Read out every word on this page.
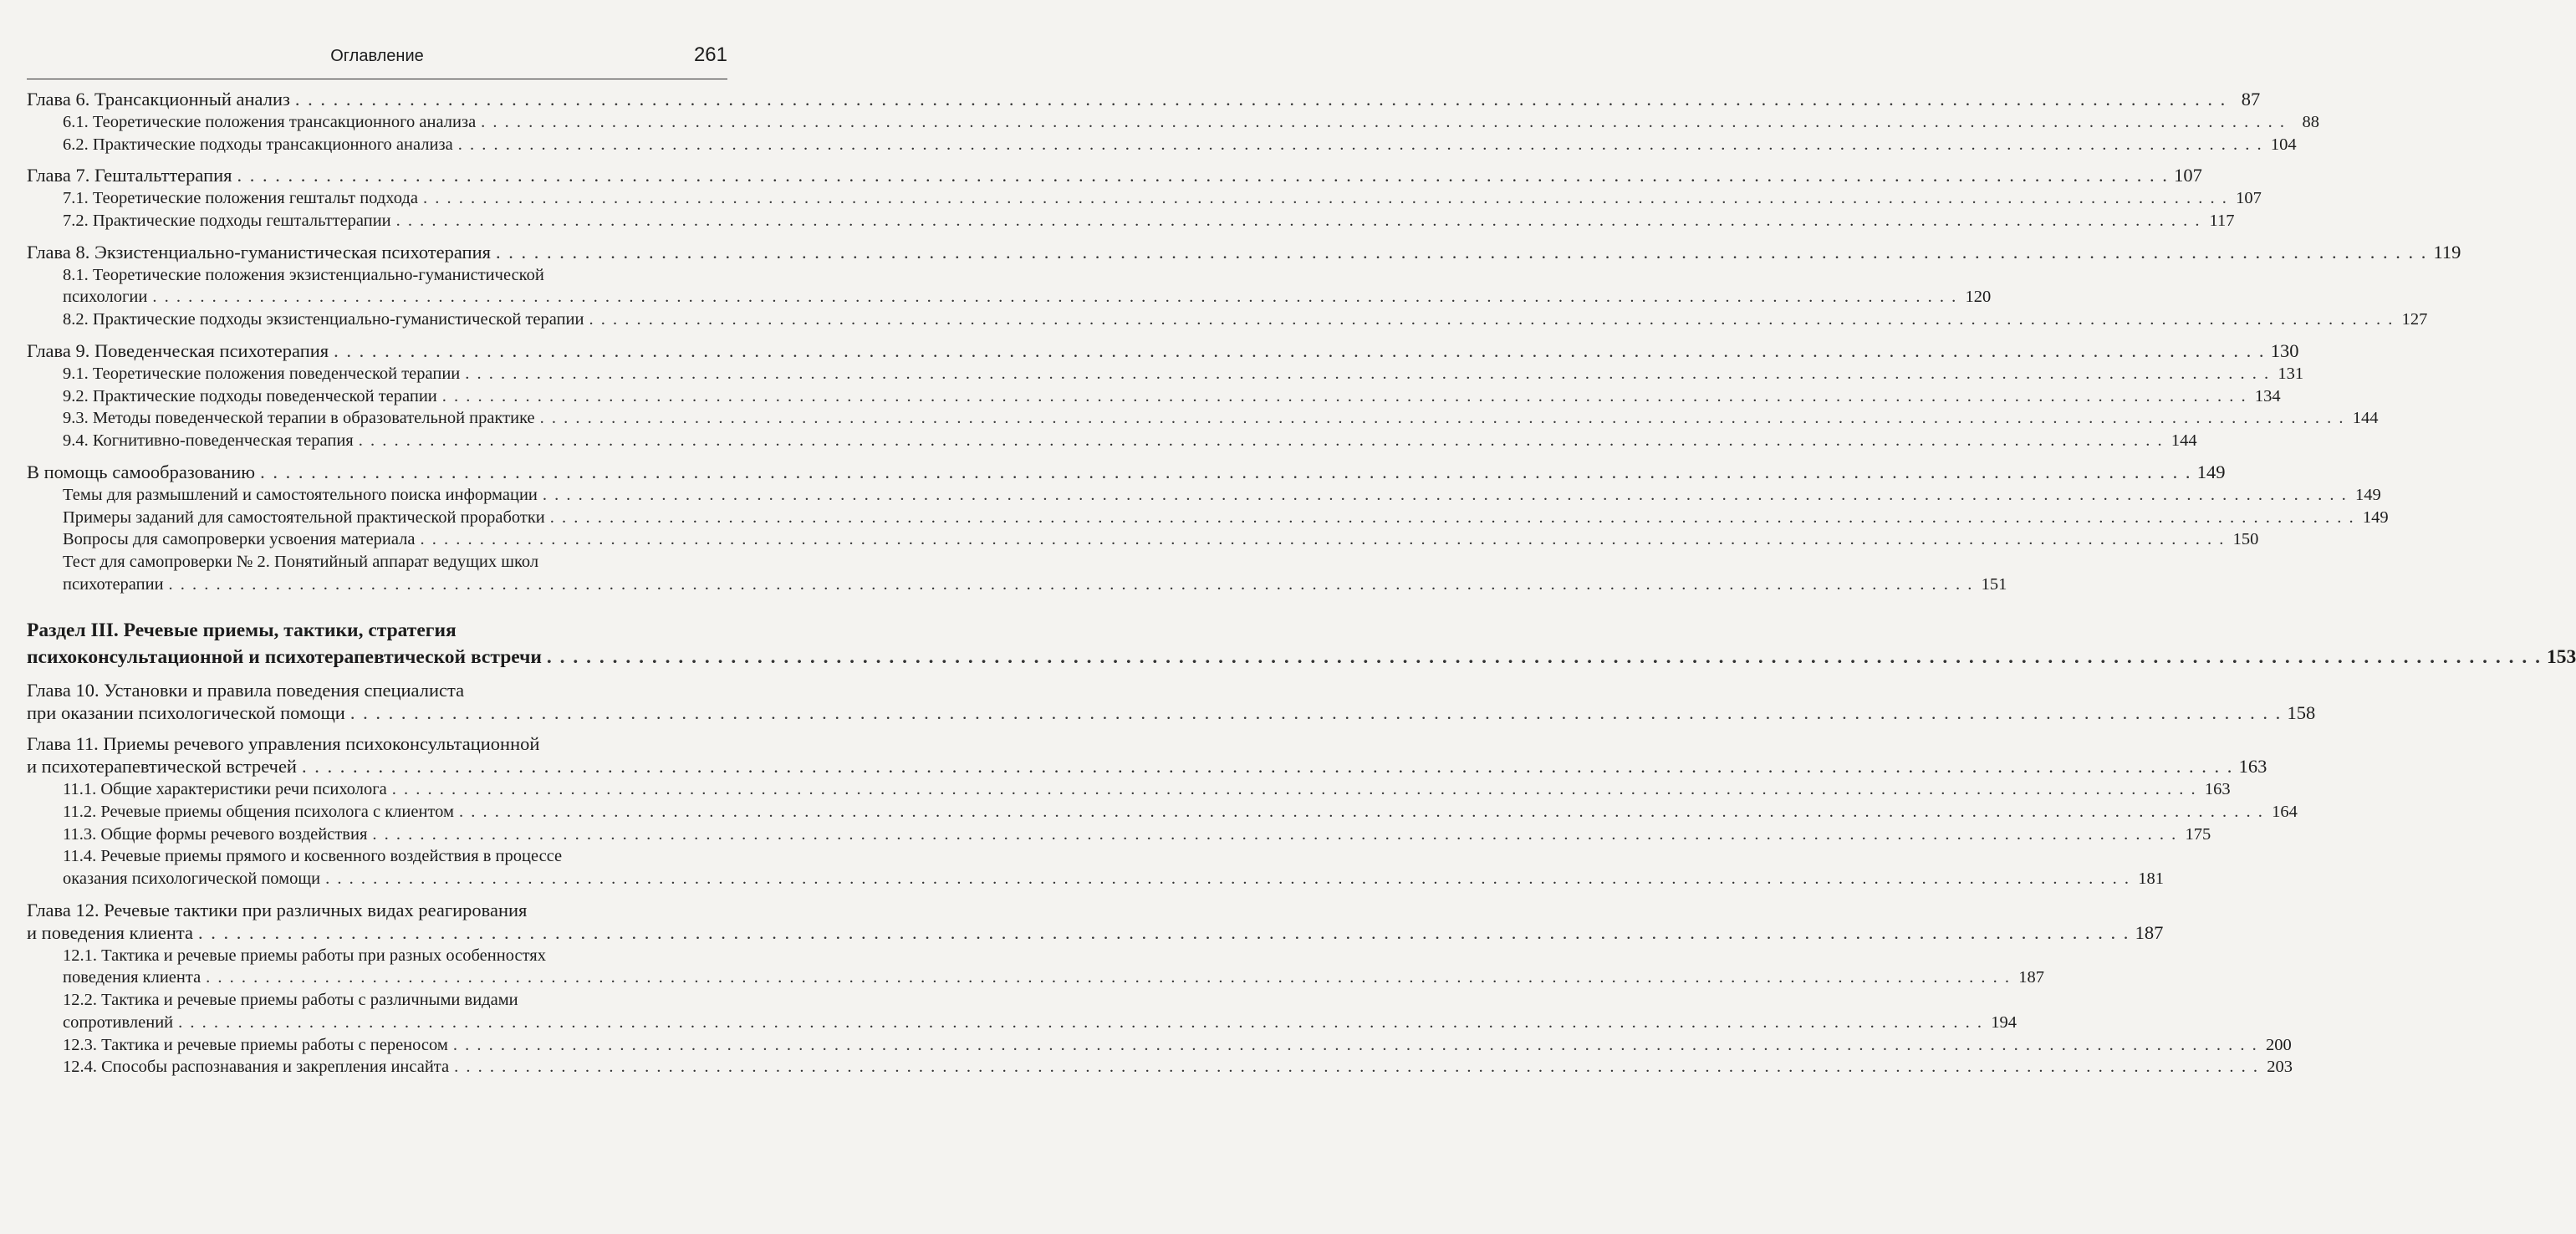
Оглавление	261
Глава 6. Трансакционный анализ . . .	87
6.1. Теоретические положения трансакционного анализа . . .	88
6.2. Практические подходы трансакционного анализа . . .	104
Глава 7. Гештальттерапия . . .	107
7.1. Теоретические положения гештальт подхода . . .	107
7.2. Практические подходы гештальттерапии . . .	117
Глава 8. Экзистенциально-гуманистическая психотерапия . . .	119
8.1. Теоретические положения экзистенциально-гуманистической
психологии . . .	120
8.2. Практические подходы экзистенциально-гуманистической терапии . . .	127
Глава 9. Поведенческая психотерапия . . .	130
9.1. Теоретические положения поведенческой терапии . . .	131
9.2. Практические подходы поведенческой терапии . . .	134
9.3. Методы поведенческой терапии в образовательной практике . . .	144
9.4. Когнитивно-поведенческая терапия . . .	144
В помощь самообразованию . . .	149
Темы для размышлений и самостоятельного поиска информации . . .	149
Примеры заданий для самостоятельной практической проработки . . .	149
Вопросы для самопроверки усвоения материала . . .	150
Тест для самопроверки № 2. Понятийный аппарат ведущих школ
психотерапии . . .	151
Раздел III. Речевые приемы, тактики, стратегия
психоконсультационной и психотерапевтической встречи . . .	153
Глава 10. Установки и правила поведения специалиста
при оказании психологической помощи . . .	158
Глава 11. Приемы речевого управления психоконсультационной
и психотерапевтической встречей . . .	163
11.1. Общие характеристики речи психолога . . .	163
11.2. Речевые приемы общения психолога с клиентом . . .	164
11.3. Общие формы речевого воздействия . . .	175
11.4. Речевые приемы прямого и косвенного воздействия в процессе
оказания психологической помощи . . .	181
Глава 12. Речевые тактики при различных видах реагирования
и поведения клиента . . .	187
12.1. Тактика и речевые приемы работы при разных особенностях
поведения клиента . . .	187
12.2. Тактика и речевые приемы работы с различными видами
сопротивлений . . .	194
12.3. Тактика и речевые приемы работы с переносом . . .	200
12.4. Способы распознавания и закрепления инсайта . . .	203
